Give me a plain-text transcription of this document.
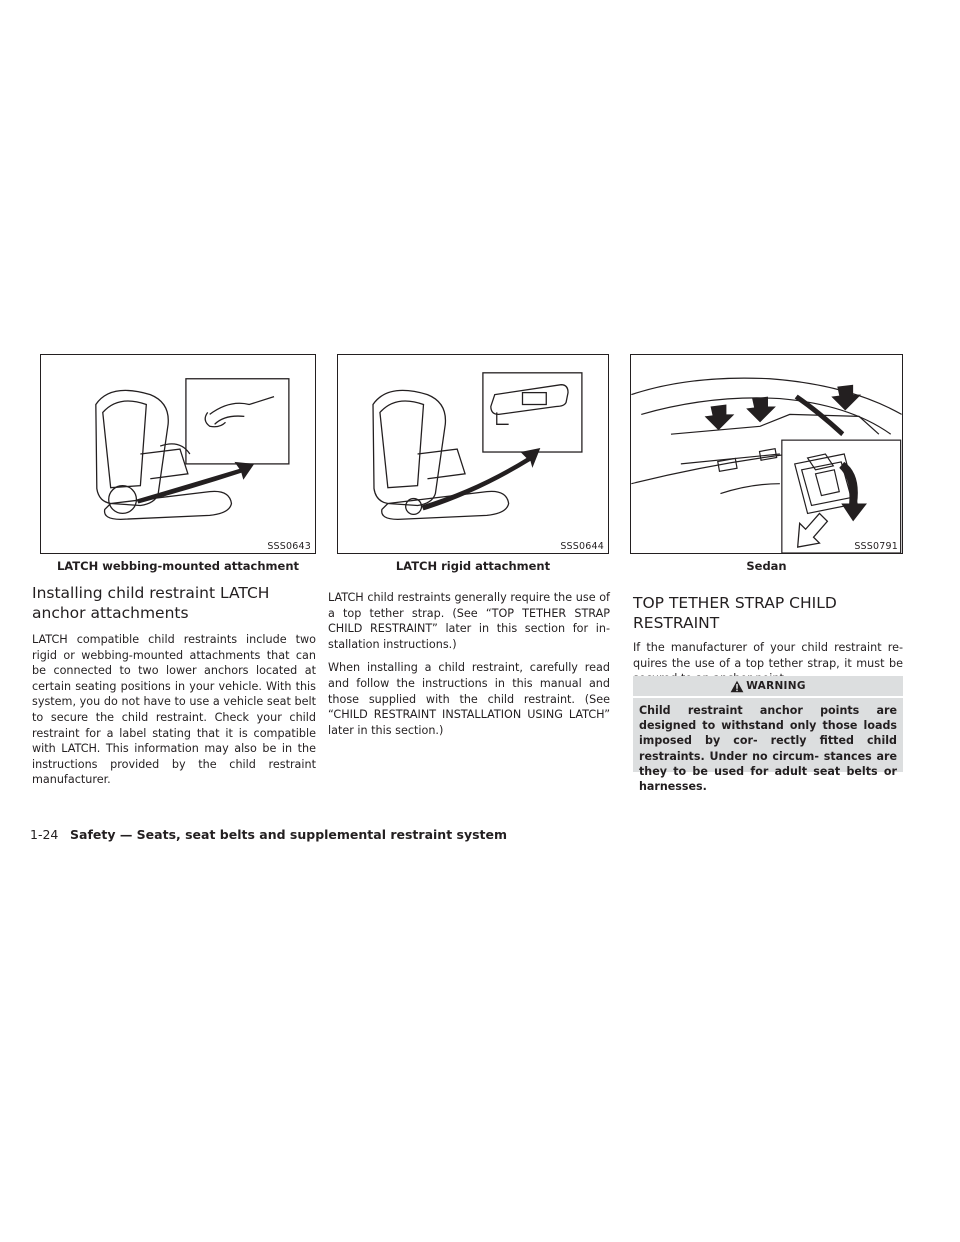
SSS0643
LATCH webbing-mounted attachment
SSS0644
LATCH rigid attachment
SSS0791
Sedan
Installing child restraint LATCH
anchor attachments

LATCH compatible child restraints include two rigid or webbing-mounted attachments that can be connected to two lower anchors located at certain seating positions in your vehicle. With this system, you do not have to use a vehicle seat belt to secure the child restraint. Check your child restraint for a label stating that it is compatible with LATCH. This information may also be in the instructions provided by the child restraint manufacturer.

LATCH child restraints generally require the use of a top tether strap. (See “TOP TETHER STRAP CHILD RESTRAINT” later in this section for in- stallation instructions.)

When installing a child restraint, carefully read and follow the instructions in this manual and those supplied with the child restraint. (See “CHILD RESTRAINT INSTALLATION USING LATCH” later in this section.)

TOP TETHER STRAP CHILD RESTRAINT

If the manufacturer of your child restraint re- quires the use of a top tether strap, it must be

WARNING
Child restraint anchor points are designed to withstand only those loads imposed by cor- rectly fitted child restraints. Under no circum- stances are they to be used for adult seat belts or harnesses.
1-24 Safety — Seats, seat belts and supplemental restraint system
